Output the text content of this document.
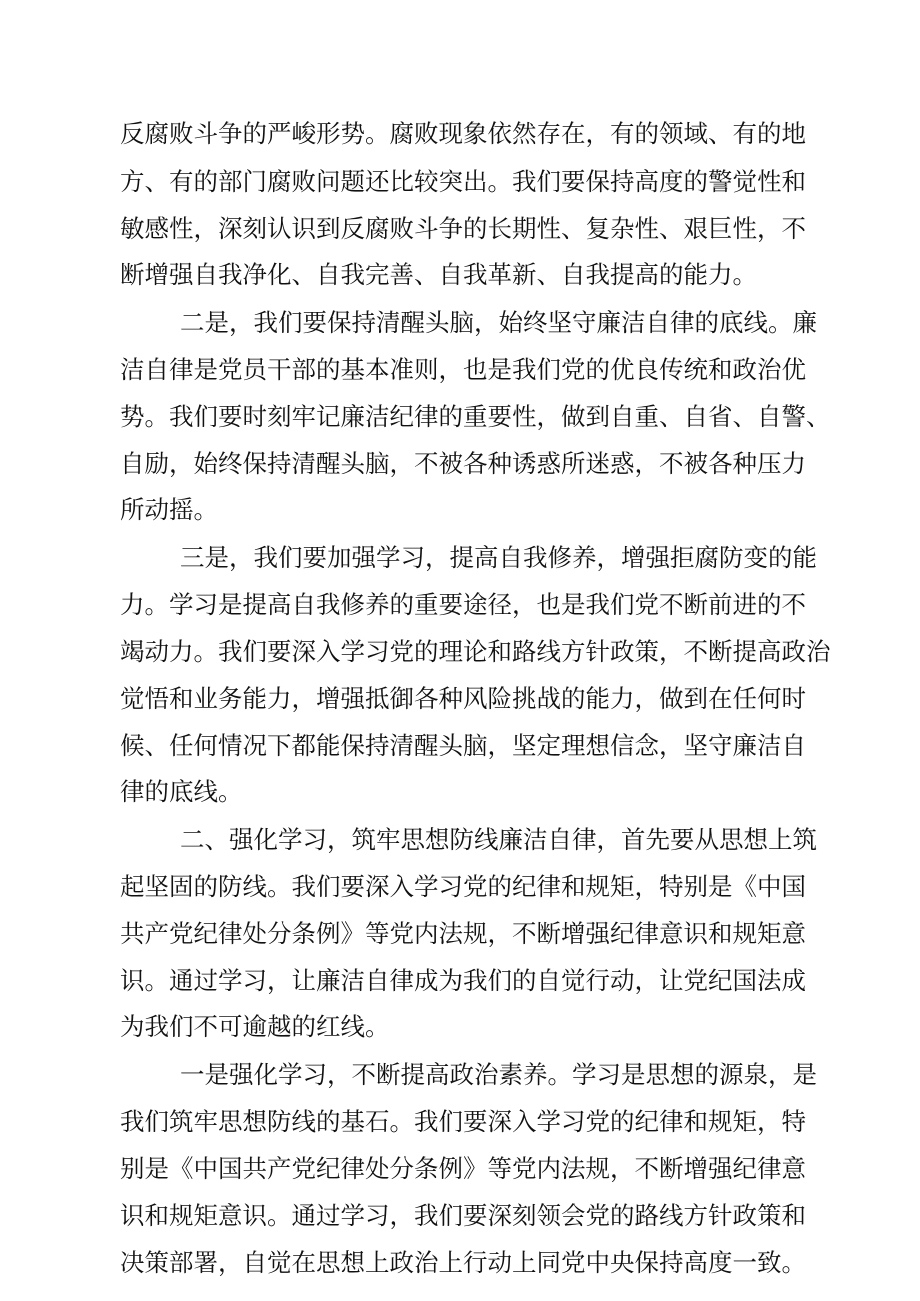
反腐败斗争的严峻形势。腐败现象依然存在，有的领域、有的地
方、有的部门腐败问题还比较突出。我们要保持高度的警觉性和
敏感性，深刻认识到反腐败斗争的长期性、复杂性、艰巨性，不
断增强自我净化、自我完善、自我革新、自我提高的能力。
二是，我们要保持清醒头脑，始终坚守廉洁自律的底线。廉
洁自律是党员干部的基本准则，也是我们党的优良传统和政治优
势。我们要时刻牢记廉洁纪律的重要性，做到自重、自省、自警、
自励，始终保持清醒头脑，不被各种诱惑所迷惑，不被各种压力
所动摇。
三是，我们要加强学习，提高自我修养，增强拒腐防变的能
力。学习是提高自我修养的重要途径，也是我们党不断前进的不
竭动力。我们要深入学习党的理论和路线方针政策，不断提高政治
觉悟和业务能力，增强抵御各种风险挑战的能力，做到在任何时
候、任何情况下都能保持清醒头脑，坚定理想信念，坚守廉洁自
律的底线。
二、强化学习，筑牢思想防线廉洁自律，首先要从思想上筑
起坚固的防线。我们要深入学习党的纪律和规矩，特别是《中国
共产党纪律处分条例》等党内法规，不断增强纪律意识和规矩意
识。通过学习，让廉洁自律成为我们的自觉行动，让党纪国法成
为我们不可逾越的红线。
一是强化学习，不断提高政治素养。学习是思想的源泉，是
我们筑牢思想防线的基石。我们要深入学习党的纪律和规矩，特
别是《中国共产党纪律处分条例》等党内法规，不断增强纪律意
识和规矩意识。通过学习，我们要深刻领会党的路线方针政策和
决策部署，自觉在思想上政治上行动上同党中央保持高度一致。
